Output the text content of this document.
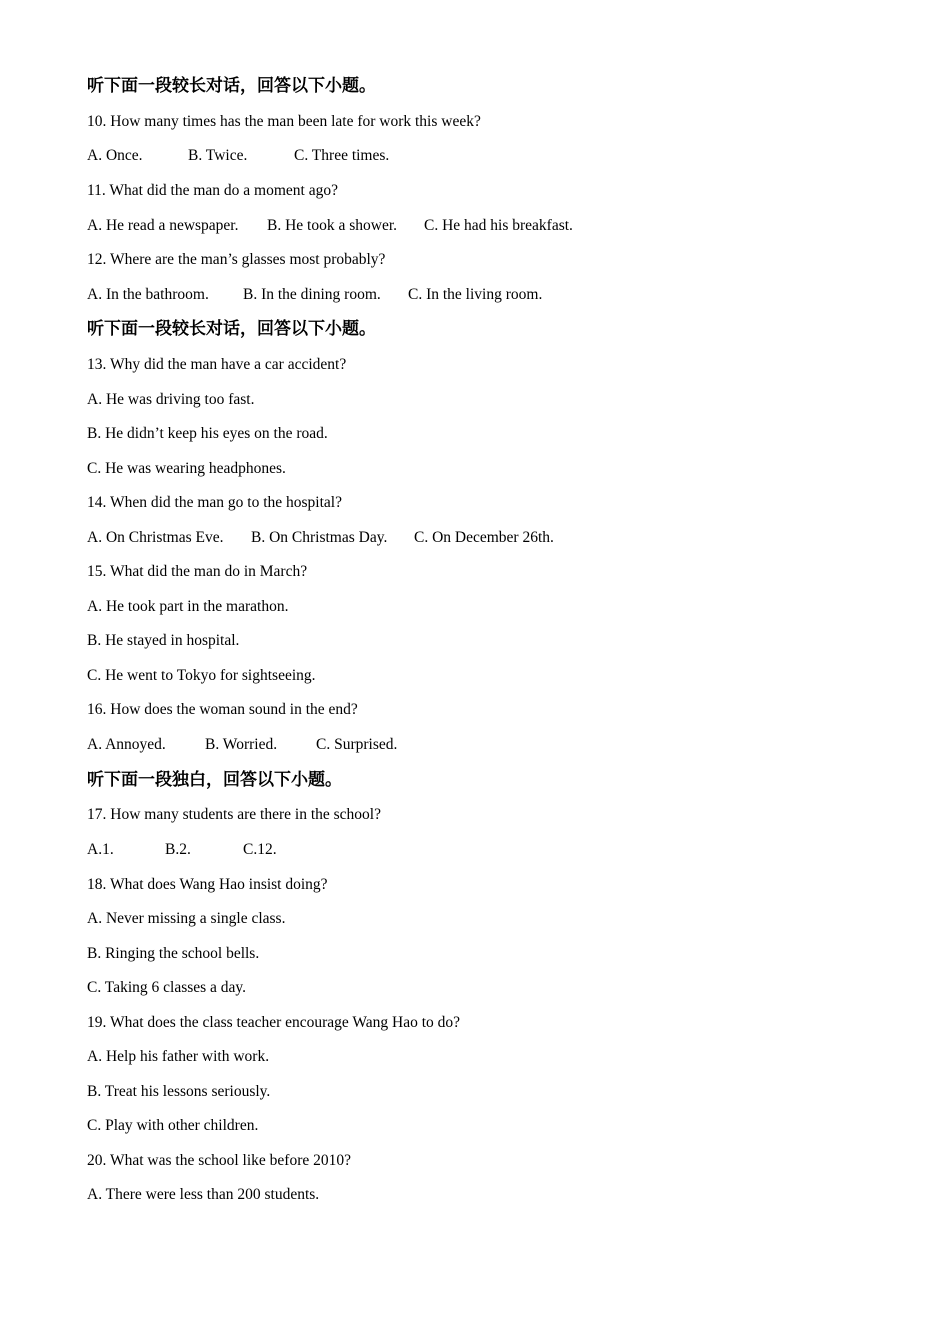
听下面一段较长对话，回答以下小题。
10. How many times has the man been late for work this week?
A. Once.	B. Twice.	C. Three times.
11. What did the man do a moment ago?
A. He read a newspaper. B. He took a shower. C. He had his breakfast.
12. Where are the man’s glasses most probably?
A. In the bathroom. B. In the dining room. C. In the living room.
听下面一段较长对话，回答以下小题。
13. Why did the man have a car accident?
A. He was driving too fast.
B. He didn’t keep his eyes on the road.
C. He was wearing headphones.
14. When did the man go to the hospital?
A. On Christmas Eve. B. On Christmas Day. C. On December 26th.
15. What did the man do in March?
A. He took part in the marathon.
B. He stayed in hospital.
C. He went to Tokyo for sightseeing.
16. How does the woman sound in the end?
A. Annoyed.	B. Worried.	C. Surprised.
听下面一段独白，回答以下小题。
17. How many students are there in the school?
A.1.	B.2.	C.12.
18. What does Wang Hao insist doing?
A. Never missing a single class.
B. Ringing the school bells.
C. Taking 6 classes a day.
19. What does the class teacher encourage Wang Hao to do?
A. Help his father with work.
B. Treat his lessons seriously.
C. Play with other children.
20. What was the school like before 2010?
A. There were less than 200 students.
